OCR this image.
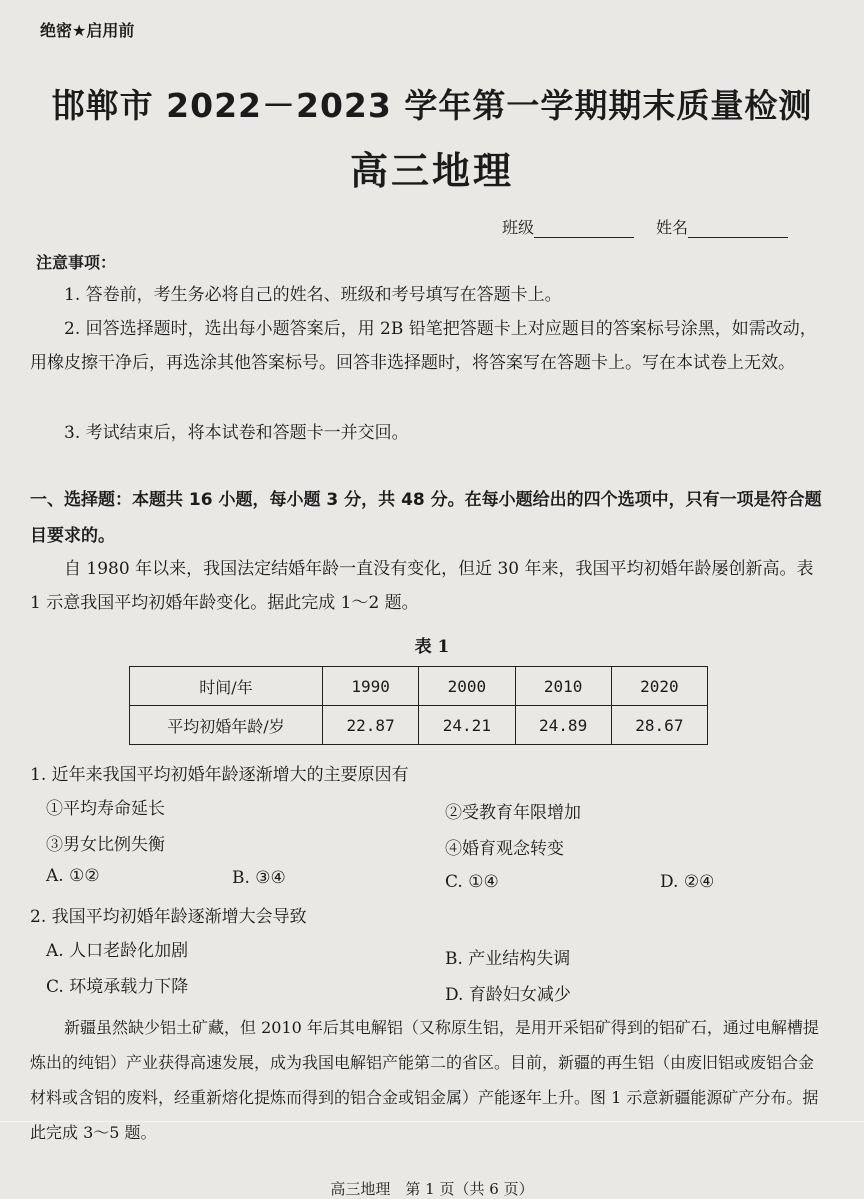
绝密★启用前
邯郸市 2022－2023 学年第一学期期末质量检测
高三地理
班级	姓名
注意事项：
1. 答卷前，考生务必将自己的姓名、班级和考号填写在答题卡上。
2. 回答选择题时，选出每小题答案后，用 2B 铅笔把答题卡上对应题目的答案标号涂黑，如需改动，用橡皮擦干净后，再选涂其他答案标号。回答非选择题时，将答案写在答题卡上。写在本试卷上无效。
3. 考试结束后，将本试卷和答题卡一并交回。
一、选择题：本题共 16 小题，每小题 3 分，共 48 分。在每小题给出的四个选项中，只有一项是符合题目要求的。
自 1980 年以来，我国法定结婚年龄一直没有变化，但近 30 年来，我国平均初婚年龄屡创新高。表 1 示意我国平均初婚年龄变化。据此完成 1～2 题。
表 1
时间/年	1990	2000	2010	2020
平均初婚年龄/岁	22.87	24.21	24.89	28.67
1. 近年来我国平均初婚年龄逐渐增大的主要原因有
①平均寿命延长	②受教育年限增加
③男女比例失衡	④婚育观念转变
A. ①②	B. ③④	C. ①④	D. ②④
2. 我国平均初婚年龄逐渐增大会导致
A. 人口老龄化加剧	B. 产业结构失调
C. 环境承载力下降	D. 育龄妇女减少
新疆虽然缺少铝土矿藏，但 2010 年后其电解铝（又称原生铝，是用开采铝矿得到的铝矿石，通过电解槽提炼出的纯铝）产业获得高速发展，成为我国电解铝产能第二的省区。目前，新疆的再生铝（由废旧铝或废铝合金材料或含铝的废料，经重新熔化提炼而得到的铝合金或铝金属）产能逐年上升。图 1 示意新疆能源矿产分布。据此完成 3～5 题。
高三地理　第 1 页（共 6 页）
